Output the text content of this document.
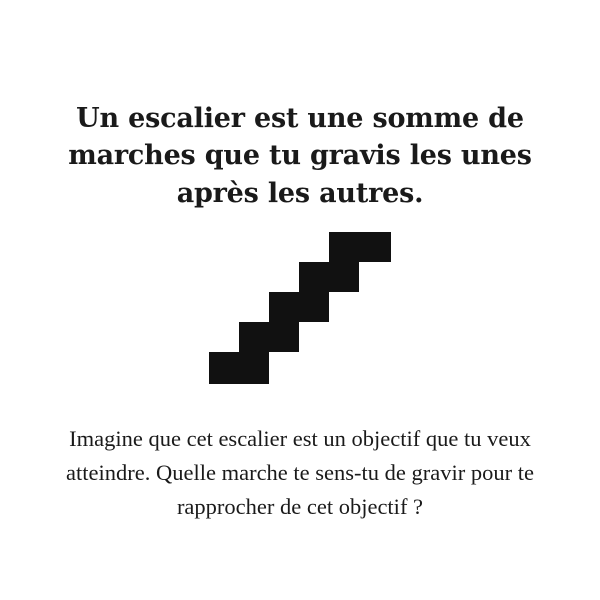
Un escalier est une somme de marches que tu gravis les unes après les autres.
Imagine que cet escalier est un objectif que tu veux atteindre. Quelle marche te sens-tu de gravir pour te rapprocher de cet objectif ?
